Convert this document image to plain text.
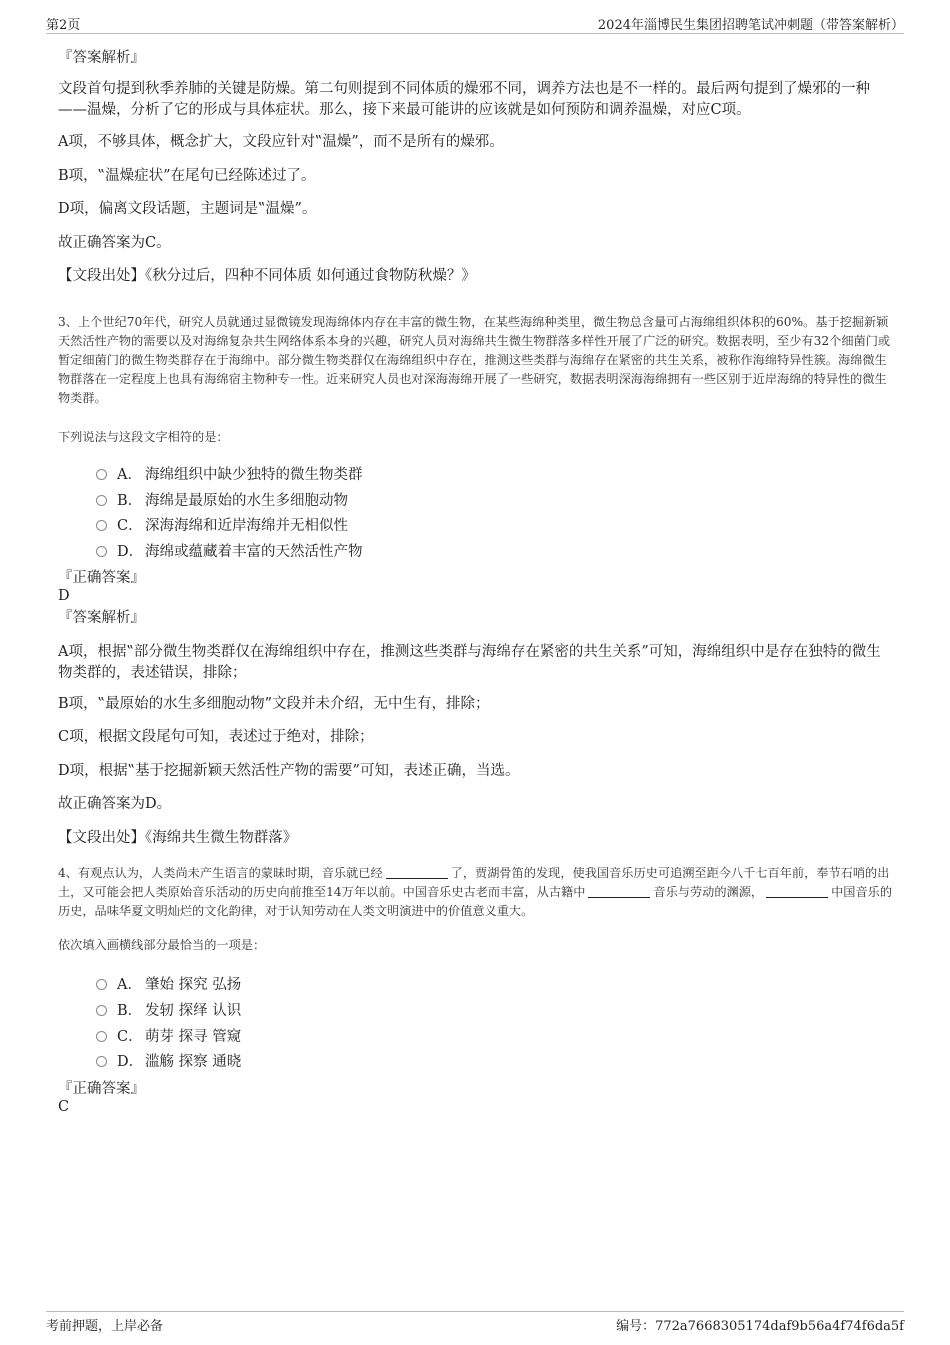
第2页	2024年淄博民生集团招聘笔试冲刺题（带答案解析）
『答案解析』
文段首句提到秋季养肺的关键是防燥。第二句则提到不同体质的燥邪不同，调养方法也是不一样的。最后两句提到了燥邪的一种——温燥，分析了它的形成与具体症状。那么，接下来最可能讲的应该就是如何预防和调养温燥，对应C项。
A项，不够具体，概念扩大，文段应针对‟温燥”，而不是所有的燥邪。
B项，‟温燥症状”在尾句已经陈述过了。
D项，偏离文段话题，主题词是‟温燥”。
故正确答案为C。
【文段出处】《秋分过后，四种不同体质 如何通过食物防秋燥？》
3、上个世纪70年代，研究人员就通过显微镜发现海绵体内存在丰富的微生物，在某些海绵种类里，微生物总含量可占海绵组织体积的60%。基于挖掘新颖天然活性产物的需要以及对海绵复杂共生网络体系本身的兴趣，研究人员对海绵共生微生物群落多样性开展了广泛的研究。数据表明，至少有32个细菌门或暂定细菌门的微生物类群存在于海绵中。部分微生物类群仅在海绵组织中存在，推测这些类群与海绵存在紧密的共生关系，被称作海绵特异性簇。海绵微生物群落在一定程度上也具有海绵宿主物种专一性。近来研究人员也对深海海绵开展了一些研究，数据表明深海海绵拥有一些区别于近岸海绵的特异性的微生物类群。
下列说法与这段文字相符的是：
A． 海绵组织中缺少独特的微生物类群
B． 海绵是最原始的水生多细胞动物
C． 深海海绵和近岸海绵并无相似性
D． 海绵或蕴藏着丰富的天然活性产物
『正确答案』
D
『答案解析』
A项，根据‟部分微生物类群仅在海绵组织中存在，推测这些类群与海绵存在紧密的共生关系”可知，海绵组织中是存在独特的微生物类群的，表述错误，排除；
B项，‟最原始的水生多细胞动物”文段并未介绍，无中生有，排除；
C项，根据文段尾句可知，表述过于绝对，排除；
D项，根据‟基于挖掘新颖天然活性产物的需要”可知，表述正确，当选。
故正确答案为D。
【文段出处】《海绵共生微生物群落》
4、有观点认为，人类尚未产生语言的蒙昧时期，音乐就已经	了，贾湖骨笛的发现，使我国音乐历史可追溯至距今八千七百年前，奉节石哨的出土，又可能会把人类原始音乐活动的历史向前推至14万年以前。中国音乐史古老而丰富，从古籍中	音乐与劳动的渊源，	中国音乐的历史，品味华夏文明灿烂的文化韵律，对于认知劳动在人类文明演进中的价值意义重大。
依次填入画横线部分最恰当的一项是：
A． 肇始 探究 弘扬
B． 发轫 探绎 认识
C． 萌芽 探寻 管窥
D． 滥觞 探察 通晓
『正确答案』
C
考前押题，上岸必备	编号：772a7668305174daf9b56a4f74f6da5f
